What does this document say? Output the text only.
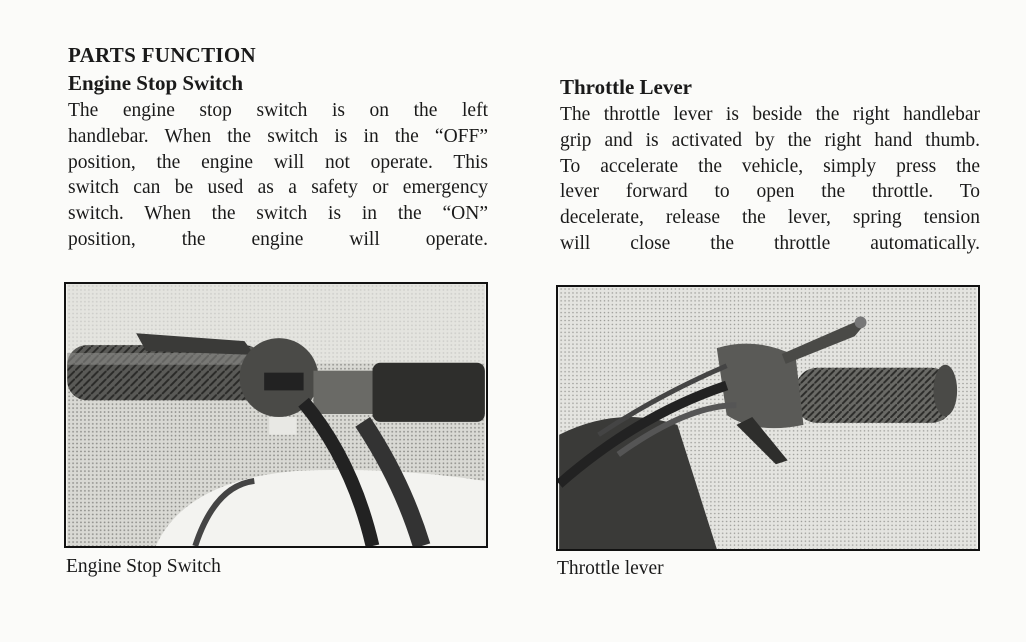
PARTS FUNCTION
Engine Stop Switch

The engine stop switch is on the left

handlebar. When the switch is in the “OFF”

position, the engine will not operate. This

switch can be used as a safety or emergency

switch. When the switch is in the “ON”

position, the engine will operate.

Throttle Lever

The throttle lever is beside the right handlebar

grip and is activated by the right hand thumb.

To accelerate the vehicle, simply press the

lever forward to open the throttle. To

decelerate, release the lever, spring tension

will close the throttle automatically.

Engine Stop Switch	Throttle lever
